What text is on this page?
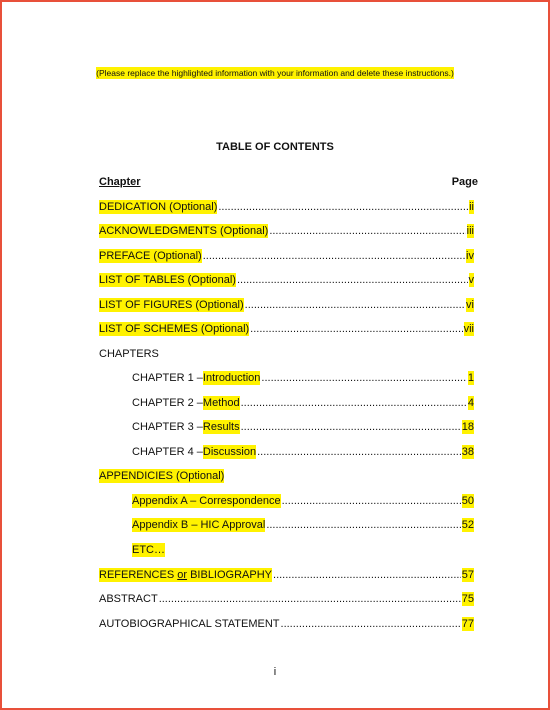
(Please replace the highlighted information with your information and delete these instructions.)
TABLE OF CONTENTS
Chapter	Page
DEDICATION (Optional) .....	ii
ACKNOWLEDGMENTS (Optional) .....	iii
PREFACE (Optional) .....	iv
LIST OF TABLES (Optional) .....	v
LIST OF FIGURES (Optional) .....	vi
LIST OF SCHEMES (Optional) .....	vii
CHAPTERS
CHAPTER 1 – Introduction .....	1
CHAPTER 2 – Method .....	4
CHAPTER 3 – Results .....	18
CHAPTER 4 – Discussion .....	38
APPENDICIES (Optional)
Appendix A – Correspondence .....	50
Appendix B – HIC Approval .....	52
ETC…
REFERENCES or BIBLIOGRAPHY .....	57
ABSTRACT .....	75
AUTOBIOGRAPHICAL STATEMENT .....	77
i
